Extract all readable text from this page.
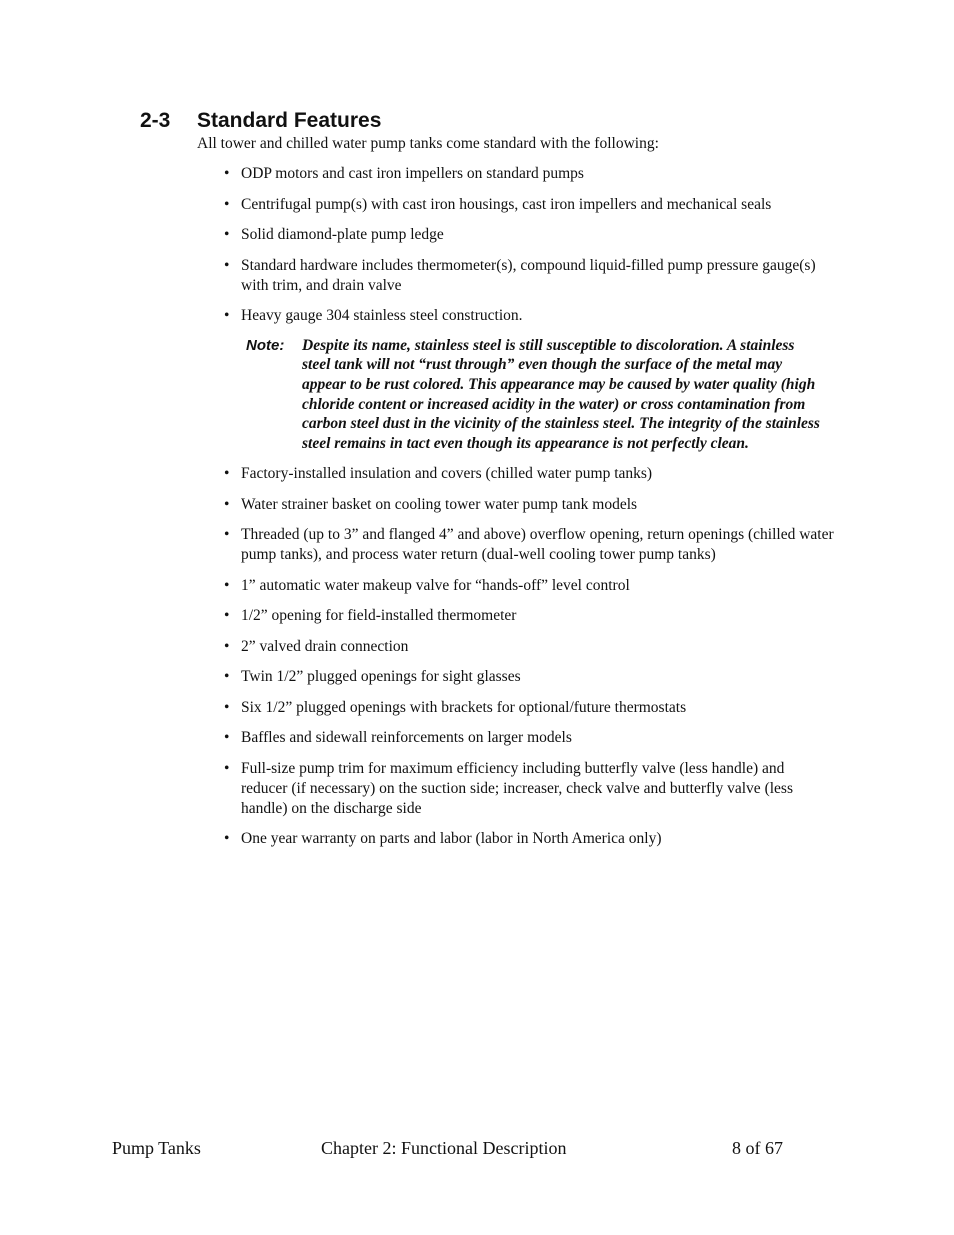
2-3 Standard Features
All tower and chilled water pump tanks come standard with the following:
• ODP motors and cast iron impellers on standard pumps
• Centrifugal pump(s) with cast iron housings, cast iron impellers and mechanical seals
• Solid diamond-plate pump ledge
• Standard hardware includes thermometer(s), compound liquid-filled pump pressure gauge(s) with trim, and drain valve
• Heavy gauge 304 stainless steel construction.
Note: Despite its name, stainless steel is still susceptible to discoloration. A stainless steel tank will not “rust through” even though the surface of the metal may appear to be rust colored. This appearance may be caused by water quality (high chloride content or increased acidity in the water) or cross contamination from carbon steel dust in the vicinity of the stainless steel. The integrity of the stainless steel remains in tact even though its appearance is not perfectly clean.
• Factory-installed insulation and covers (chilled water pump tanks)
• Water strainer basket on cooling tower water pump tank models
• Threaded (up to 3” and flanged 4” and above) overflow opening, return openings (chilled water pump tanks), and process water return (dual-well cooling tower pump tanks)
• 1” automatic water makeup valve for “hands-off” level control
• 1/2” opening for field-installed thermometer
• 2” valved drain connection
• Twin 1/2” plugged openings for sight glasses
• Six 1/2” plugged openings with brackets for optional/future thermostats
• Baffles and sidewall reinforcements on larger models
• Full-size pump trim for maximum efficiency including butterfly valve (less handle) and reducer (if necessary) on the suction side; increaser, check valve and butterfly valve (less handle) on the discharge side
• One year warranty on parts and labor (labor in North America only)
Pump Tanks	Chapter 2: Functional Description	8 of 67
